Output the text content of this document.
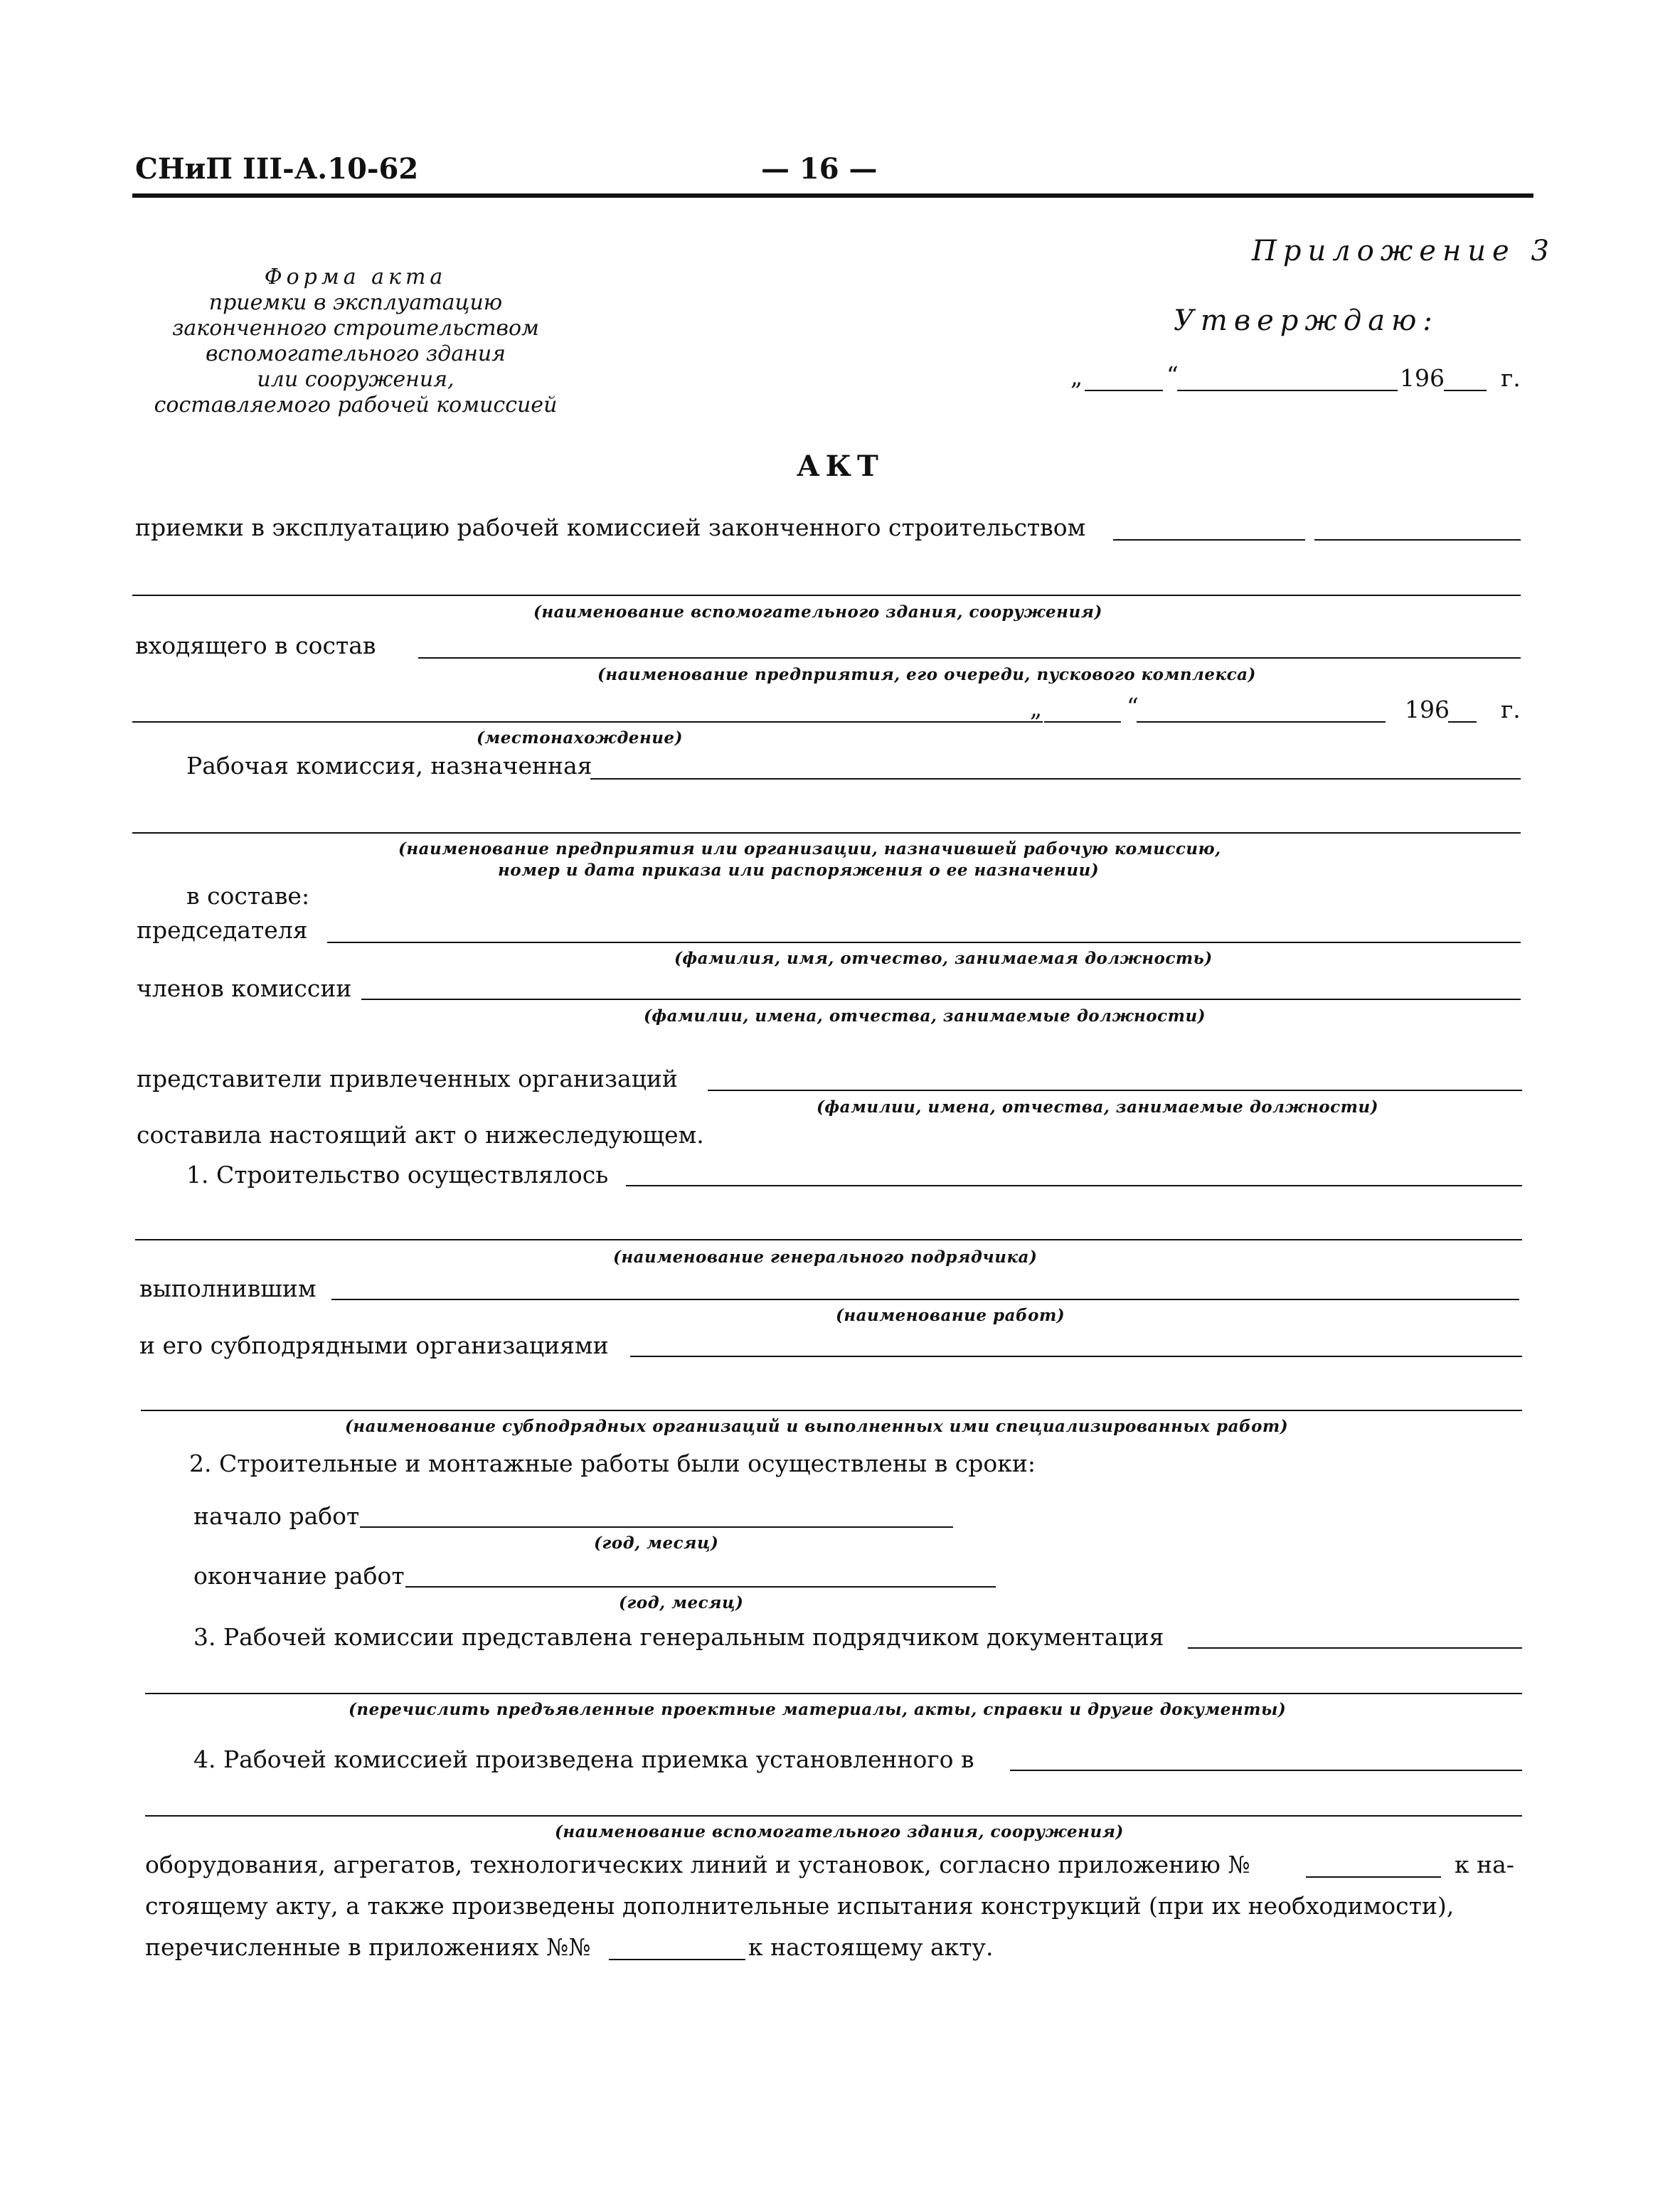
СНиП III-А.10-62	— 16 —
Форма акта
приемки в эксплуатацию
законченного строительством
вспомогательного здания
или сооружения,
составляемого рабочей комиссией
Приложение 3
Утверждаю:
„	“	196 г.
АКТ
приемки в эксплуатацию рабочей комиссией законченного строительством
(наименование вспомогательного здания, сооружения)
входящего в состав
(наименование предприятия, его очереди, пускового комплекса)
„	“	196 г.
(местонахождение)
Рабочая комиссия, назначенная
(наименование предприятия или организации, назначившей рабочую комиссию,
номер и дата приказа или распоряжения о ее назначении)
в составе:
председателя
(фамилия, имя, отчество, занимаемая должность)
членов комиссии
(фамилии, имена, отчества, занимаемые должности)
представители привлеченных организаций
(фамилии, имена, отчества, занимаемые должности)
составила настоящий акт о нижеследующем.
1. Строительство осуществлялось
(наименование генерального подрядчика)
выполнившим
(наименование работ)
и его субподрядными организациями
(наименование субподрядных организаций и выполненных ими специализированных работ)
2. Строительные и монтажные работы были осуществлены в сроки:
начало работ
(год, месяц)
окончание работ
(год, месяц)
3. Рабочей комиссии представлена генеральным подрядчиком документация
(перечислить предъявленные проектные материалы, акты, справки и другие документы)
4. Рабочей комиссией произведена приемка установленного в
(наименование вспомогательного здания, сооружения)
оборудования, агрегатов, технологических линий и установок, согласно приложению №	к на-
стоящему акту, а также произведены дополнительные испытания конструкций (при их необходимости),
перечисленные в приложениях №№	к настоящему акту.
